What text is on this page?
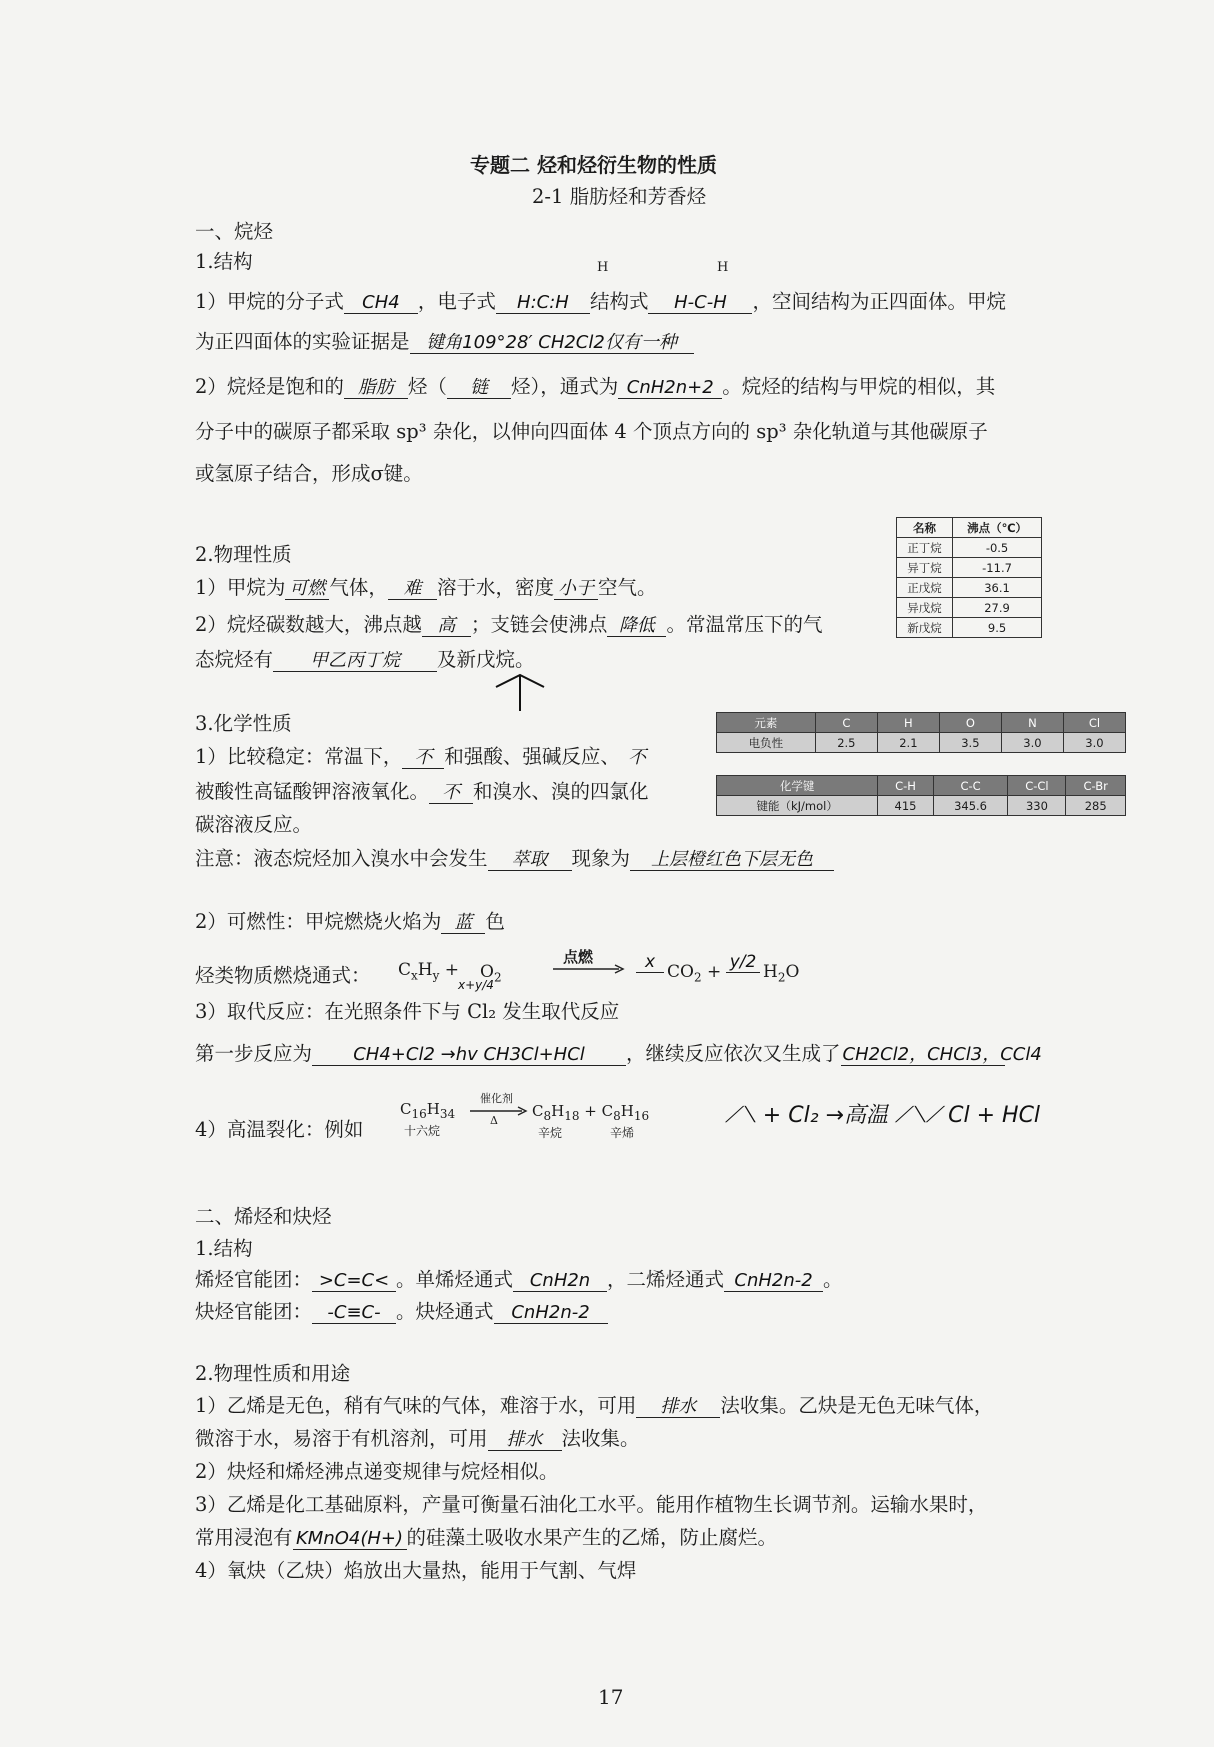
专题二 烃和烃衍生物的性质
2-1 脂肪烃和芳香烃
一、烷烃
1.结构	H	H
1）甲烷的分子式 CH4 ，电子式 H:C:H 结构式 H-C-H ，空间结构为正四面体。甲烷
为正四面体的实验证据是 键角109°28′ CH2Cl2仅有一种
2）烷烃是饱和的 脂肪 烃（ 链 烃），通式为 CnH2n+2 。烷烃的结构与甲烷的相似，其
分子中的碳原子都采取 sp³ 杂化，以伸向四面体 4 个顶点方向的 sp³ 杂化轨道与其他碳原子
或氢原子结合，形成σ键。
名称	沸点（℃）
正丁烷	-0.5
异丁烷	-11.7
正戊烷	36.1
异戊烷	27.9
新戊烷	9.5
2.物理性质
1）甲烷为 可燃 气体， 难 溶于水，密度 小于 空气。
2）烷烃碳数越大，沸点越 高 ；支链会使沸点 降低 。常温常压下的气
态烷烃有 甲乙丙丁烷 及新戊烷。
3.化学性质	元素	C	H	O	N	Cl
电负性	2.5	2.1	3.5	3.0	3.0
化学键	C-H	C-C	C-Cl	C-Br
键能（kJ/mol）	415	345.6	330	285
1）比较稳定：常温下， 不 和强酸、强碱反应、 不
被酸性高锰酸钾溶液氧化。 不 和溴水、溴的四氯化
碳溶液反应。
注意：液态烷烃加入溴水中会发生 萃取 现象为 上层橙红色下层无色
2）可燃性：甲烷燃烧火焰为 蓝 色
烃类物质燃烧通式： $C_xH_y$ +
x+y/4
$O_2$
点燃	x $CO_2 + y/2$ $H_2O$
3）取代反应：在光照条件下与 Cl₂ 发生取代反应
第一步反应为 CH4+Cl2 →hv CH3Cl+HCl ，继续反应依次又生成了 CH2Cl2，CHCl3，CCl4
4）高温裂化：例如
$C_{16}H_{34}$
十六烷
催化剂
Δ
$C_8H_{18} + C_8H_{16}$
辛烷	辛烯
⟋⟍ + Cl₂ →高温 ⟋⟍⟋ Cl + HCl
二、烯烃和炔烃
1.结构
烯烃官能团： >C=C< 。单烯烃通式 CnH2n ，二烯烃通式 CnH2n-2 。
炔烃官能团： -C≡C- 。炔烃通式 CnH2n-2
2.物理性质和用途
1）乙烯是无色，稍有气味的气体，难溶于水，可用 排水 法收集。乙炔是无色无味气体，
微溶于水，易溶于有机溶剂，可用 排水 法收集。
2）炔烃和烯烃沸点递变规律与烷烃相似。
3）乙烯是化工基础原料，产量可衡量石油化工水平。能用作植物生长调节剂。运输水果时，
常用浸泡有 KMnO4(H+) 的硅藻土吸收水果产生的乙烯，防止腐烂。
4）氧炔（乙炔）焰放出大量热，能用于气割、气焊
17
